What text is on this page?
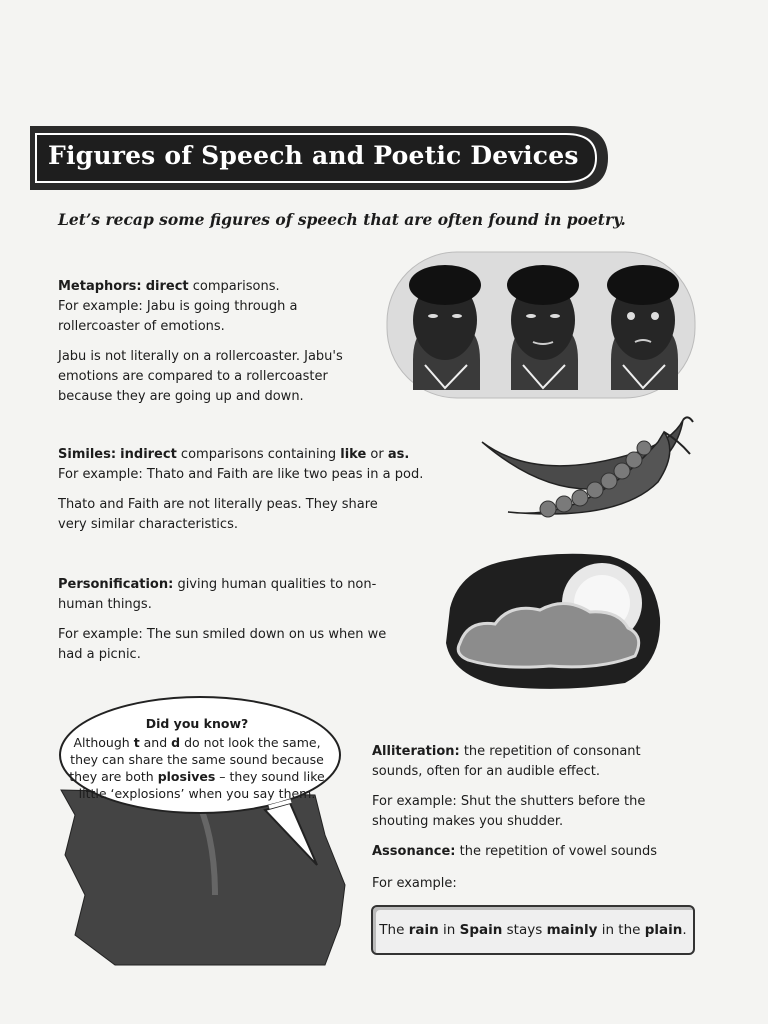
Figures of Speech and Poetic Devices
Let’s recap some figures of speech that are often found in poetry.

Metaphors: direct comparisons.
For example: Jabu is going through a rollercoaster of emotions.

Jabu is not literally on a rollercoaster. Jabu's emotions are compared to a rollercoaster because they are going up and down.

Similes: indirect comparisons containing like or as.
For example: Thato and Faith are like two peas in a pod.

Thato and Faith are not literally peas. They share very similar characteristics.

Personification: giving human qualities to non-human things.

For example: The sun smiled down on us when we had a picnic.

Did you know?
Although t and d do not look the same, they can share the same sound because they are both plosives – they sound like little ‘explosions’ when you say them.

Alliteration: the repetition of consonant sounds, often for an audible effect.

For example: Shut the shutters before the shouting makes you shudder.

Assonance: the repetition of vowel sounds

For example:

The rain in Spain stays mainly in the plain.
